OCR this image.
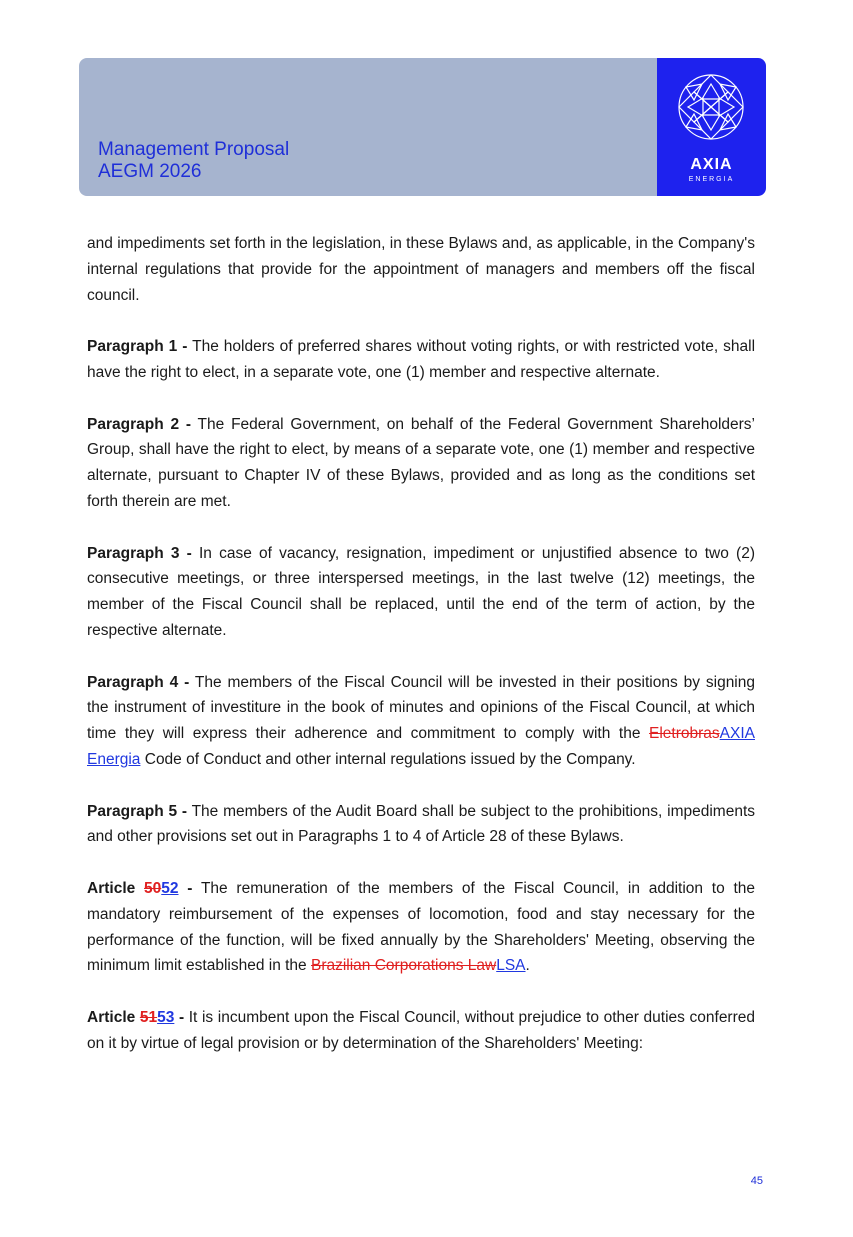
Management Proposal
AEGM 2026	AXIA
ENERGIA

and impediments set forth in the legislation, in these Bylaws and, as applicable, in the Company's internal regulations that provide for the appointment of managers and members off the fiscal council.

Paragraph 1 - The holders of preferred shares without voting rights, or with restricted vote, shall have the right to elect, in a separate vote, one (1) member and respective alternate.

Paragraph 2 - The Federal Government, on behalf of the Federal Government Shareholders’ Group, shall have the right to elect, by means of a separate vote, one (1) member and respective alternate, pursuant to Chapter IV of these Bylaws, provided and as long as the conditions set forth therein are met.

Paragraph 3 - In case of vacancy, resignation, impediment or unjustified absence to two (2) consecutive meetings, or three interspersed meetings, in the last twelve (12) meetings, the member of the Fiscal Council shall be replaced, until the end of the term of action, by the respective alternate.

Paragraph 4 - The members of the Fiscal Council will be invested in their positions by signing the instrument of investiture in the book of minutes and opinions of the Fiscal Council, at which time they will express their adherence and commitment to comply with the EletrobrasAXIA Energia Code of Conduct and other internal regulations issued by the Company.

Paragraph 5 - The members of the Audit Board shall be subject to the prohibitions, impediments and other provisions set out in Paragraphs 1 to 4 of Article 28 of these Bylaws.

Article 5052 - The remuneration of the members of the Fiscal Council, in addition to the mandatory reimbursement of the expenses of locomotion, food and stay necessary for the performance of the function, will be fixed annually by the Shareholders' Meeting, observing the minimum limit established in the Brazilian Corporations LawLSA.

Article 5153 - It is incumbent upon the Fiscal Council, without prejudice to other duties conferred on it by virtue of legal provision or by determination of the Shareholders' Meeting:

45
